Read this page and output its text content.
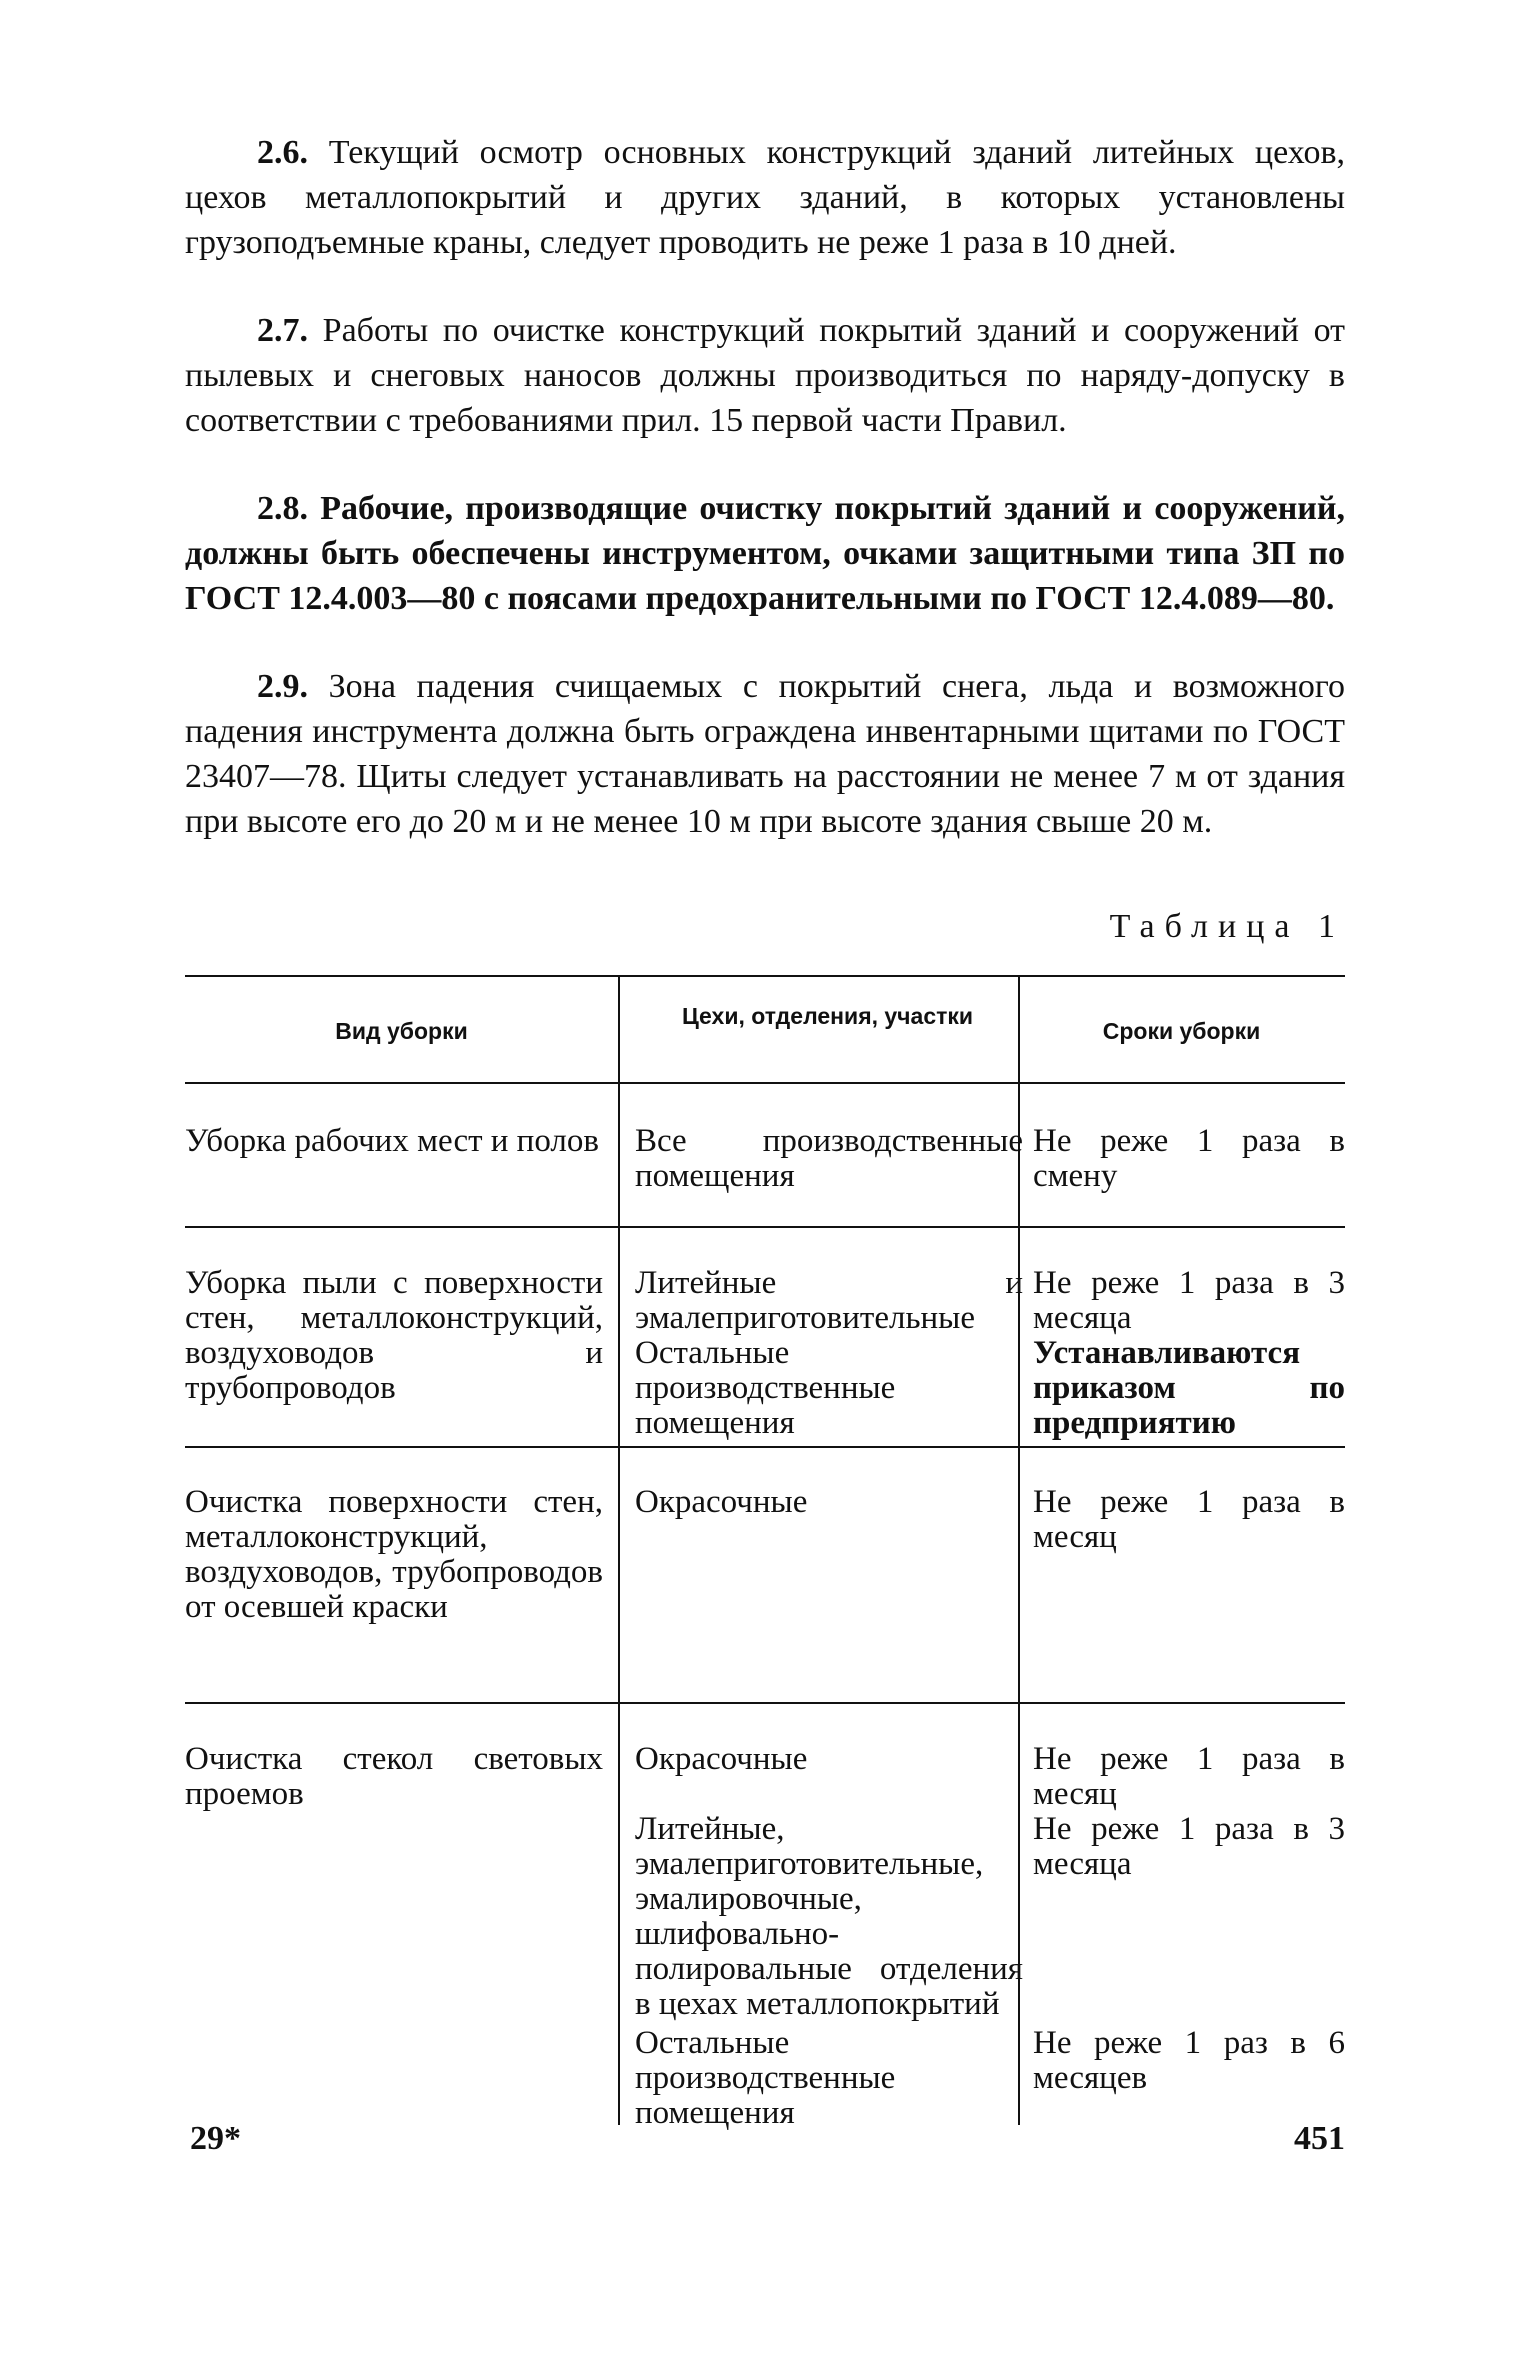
2.6. Текущий осмотр основных конструкций зданий литейных цехов, цехов металлопокрытий и других зданий, в которых установлены грузоподъемные краны, следует проводить не реже 1 раза в 10 дней.

2.7. Работы по очистке конструкций покрытий зданий и сооружений от пылевых и снеговых наносов должны производиться по наряду-допуску в соответствии с требованиями прил. 15 первой части Правил.

2.8. Рабочие, производящие очистку покрытий зданий и сооружений, должны быть обеспечены инструментом, очками защитными типа ЗП по ГОСТ 12.4.003—80 с поясами предохранительными по ГОСТ 12.4.089—80.

2.9. Зона падения счищаемых с покрытий снега, льда и возможного падения инструмента должна быть ограждена инвентарными щитами по ГОСТ 23407—78. Щиты следует устанавливать на расстоянии не менее 7 м от здания при высоте его до 20 м и не менее 10 м при высоте здания свыше 20 м.

Таблица 1
Вид уборки
Цехи, отделения, участки
Сроки уборки

Уборка рабочих мест и полов Все производственные помещения

Не реже 1 раза в смену

Уборка пыли с поверхности стен, металлоконструкций, воздуховодов и трубопроводов

Литейные и эмалеприготовительные

Остальные производственные помещения

Не реже 1 раза в 3 месяца

Устанавливаются приказом по предприятию

Очистка поверхности стен, металлоконструкций, воздуховодов, трубопроводов от осевшей краски

Окрасочные	Не реже 1 раза в месяц

Очистка стекол световых проемов

Окрасочные

Литейные, эмалеприготовительные, эмалировочные, шлифовально-полировальные отделения в цехах металлопокрытий

Остальные производственные помещения

Не реже 1 раза в месяц

Не реже 1 раза в 3 месяца

Не реже 1 раз в 6 месяцев

29*	451
